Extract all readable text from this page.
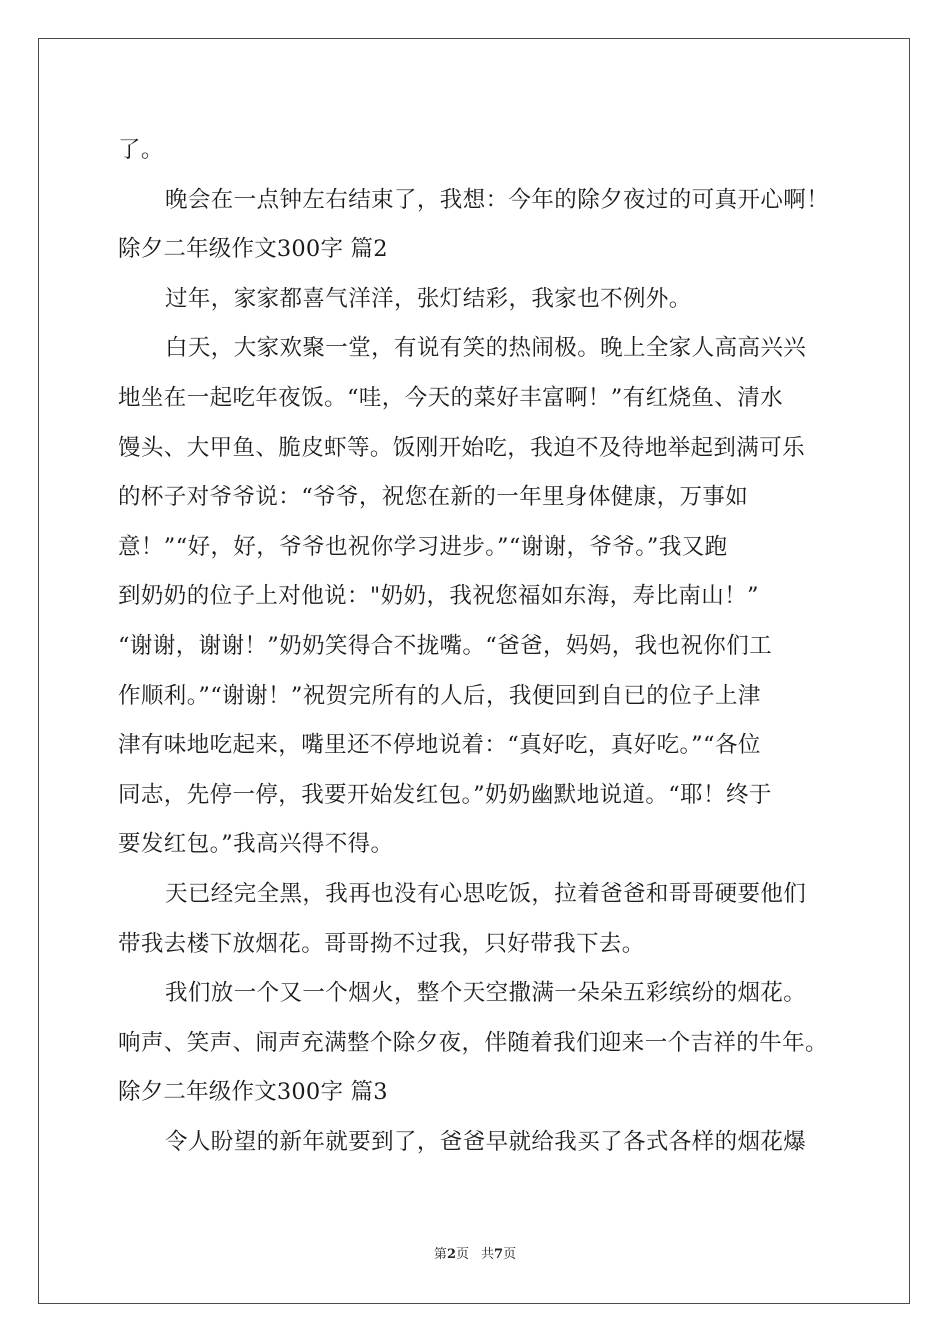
了。
晚会在一点钟左右结束了，我想：今年的除夕夜过的可真开心啊！
除夕二年级作文300字 篇2
过年，家家都喜气洋洋，张灯结彩，我家也不例外。
白天，大家欢聚一堂，有说有笑的热闹极。晚上全家人高高兴兴
地坐在一起吃年夜饭。“哇，今天的菜好丰富啊！”有红烧鱼、清水
馒头、大甲鱼、脆皮虾等。饭刚开始吃，我迫不及待地举起到满可乐
的杯子对爷爷说：“爷爷，祝您在新的一年里身体健康，万事如
意！”“好，好，爷爷也祝你学习进步。”“谢谢，爷爷。”我又跑
到奶奶的位子上对他说："奶奶，我祝您福如东海，寿比南山！”
“谢谢，谢谢！”奶奶笑得合不拢嘴。“爸爸，妈妈，我也祝你们工
作顺利。”“谢谢！”祝贺完所有的人后，我便回到自已的位子上津
津有味地吃起来，嘴里还不停地说着：“真好吃，真好吃。”“各位
同志，先停一停，我要开始发红包。”奶奶幽默地说道。“耶！终于
要发红包。”我高兴得不得。
天已经完全黑，我再也没有心思吃饭，拉着爸爸和哥哥硬要他们
带我去楼下放烟花。哥哥拗不过我，只好带我下去。
我们放一个又一个烟火，整个天空撒满一朵朵五彩缤纷的烟花。
响声、笑声、闹声充满整个除夕夜，伴随着我们迎来一个吉祥的牛年。
除夕二年级作文300字 篇3
令人盼望的新年就要到了，爸爸早就给我买了各式各样的烟花爆
第2页 共7页
